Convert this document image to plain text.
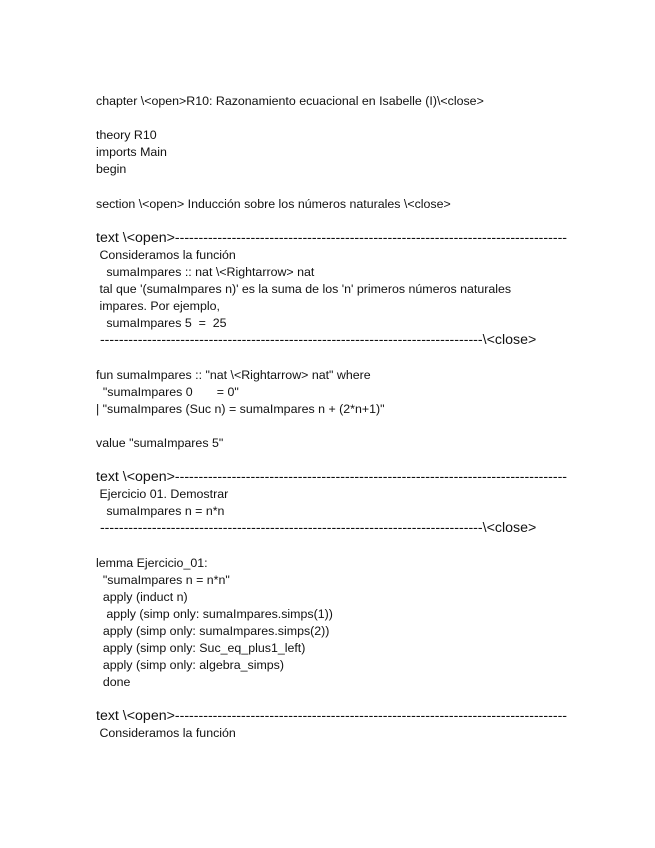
chapter \<open>R10: Razonamiento ecuacional en Isabelle (I)\<close>
theory R10
imports Main
begin
section \<open> Inducción sobre los números naturales \<close>
text \<open>-----------------------------------------------------------------------------------
Consideramos la función
sumaImpares :: nat \<Rightarrow> nat
tal que '(sumaImpares n)' es la suma de los 'n' primeros números naturales
impares. Por ejemplo,
sumaImpares 5  =  25
---------------------------------------------------------------------------------\<close>
fun sumaImpares :: "nat \<Rightarrow> nat" where
"sumaImpares 0       = 0"
| "sumaImpares (Suc n) = sumaImpares n + (2*n+1)"
value "sumaImpares 5"
text \<open>-----------------------------------------------------------------------------------
Ejercicio 01. Demostrar
sumaImpares n = n*n
---------------------------------------------------------------------------------\<close>
lemma Ejercicio_01:
"sumaImpares n = n*n"
apply (induct n)
apply (simp only: sumaImpares.simps(1))
apply (simp only: sumaImpares.simps(2))
apply (simp only: Suc_eq_plus1_left)
apply (simp only: algebra_simps)
done
text \<open>-----------------------------------------------------------------------------------
Consideramos la función
